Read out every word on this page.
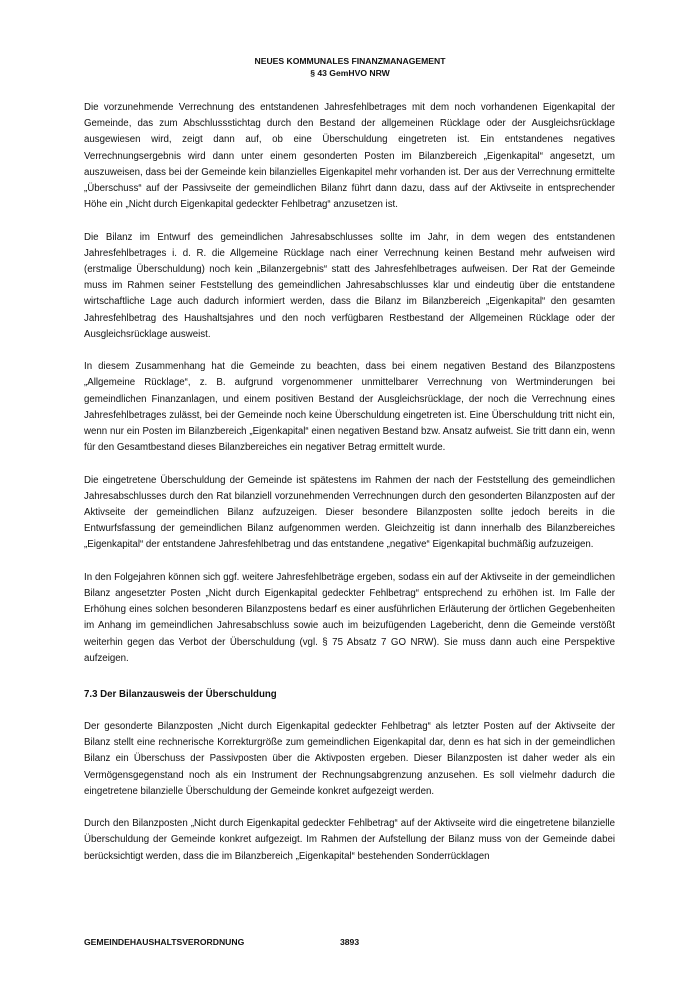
NEUES KOMMUNALES FINANZMANAGEMENT
§ 43 GemHVO NRW

Die vorzunehmende Verrechnung des entstandenen Jahresfehlbetrages mit dem noch vorhandenen Eigenkapital der Gemeinde, das zum Abschlussstichtag durch den Bestand der allgemeinen Rücklage oder der Ausgleichsrücklage ausgewiesen wird, zeigt dann auf, ob eine Überschuldung eingetreten ist. Ein entstandenes negatives Verrechnungsergebnis wird dann unter einem gesonderten Posten im Bilanzbereich „Eigenkapital“ angesetzt, um auszuweisen, dass bei der Gemeinde kein bilanzielles Eigenkapitel mehr vorhanden ist. Der aus der Verrechnung ermittelte „Überschuss“ auf der Passivseite der gemeindlichen Bilanz führt dann dazu, dass auf der Aktivseite in entsprechender Höhe ein „Nicht durch Eigenkapital gedeckter Fehlbetrag“ anzusetzen ist.

Die Bilanz im Entwurf des gemeindlichen Jahresabschlusses sollte im Jahr, in dem wegen des entstandenen Jahresfehlbetrages i. d. R. die Allgemeine Rücklage nach einer Verrechnung keinen Bestand mehr aufweisen wird (erstmalige Überschuldung) noch kein „Bilanzergebnis“ statt des Jahresfehlbetrages aufweisen. Der Rat der Gemeinde muss im Rahmen seiner Feststellung des gemeindlichen Jahresabschlusses klar und eindeutig über die entstandene wirtschaftliche Lage auch dadurch informiert werden, dass die Bilanz im Bilanzbereich „Eigenkapital“ den gesamten Jahresfehlbetrag des Haushaltsjahres und den noch verfügbaren Restbestand der Allgemeinen Rücklage oder der Ausgleichsrücklage ausweist.

In diesem Zusammenhang hat die Gemeinde zu beachten, dass bei einem negativen Bestand des Bilanzpostens „Allgemeine Rücklage“, z. B. aufgrund vorgenommener unmittelbarer Verrechnung von Wertminderungen bei gemeindlichen Finanzanlagen, und einem positiven Bestand der Ausgleichsrücklage, der noch die Verrechnung eines Jahresfehlbetrages zulässt, bei der Gemeinde noch keine Überschuldung eingetreten ist. Eine Überschuldung tritt nicht ein, wenn nur ein Posten im Bilanzbereich „Eigenkapital“ einen negativen Bestand bzw. Ansatz aufweist. Sie tritt dann ein, wenn für den Gesamtbestand dieses Bilanzbereiches ein negativer Betrag ermittelt wurde.

Die eingetretene Überschuldung der Gemeinde ist spätestens im Rahmen der nach der Feststellung des gemeindlichen Jahresabschlusses durch den Rat bilanziell vorzunehmenden Verrechnungen durch den gesonderten Bilanzposten auf der Aktivseite der gemeindlichen Bilanz aufzuzeigen. Dieser besondere Bilanzposten sollte jedoch bereits in die Entwurfsfassung der gemeindlichen Bilanz aufgenommen werden. Gleichzeitig ist dann innerhalb des Bilanzbereiches „Eigenkapital“ der entstandene Jahresfehlbetrag und das entstandene „negative“ Eigenkapital buchmäßig aufzuzeigen.

In den Folgejahren können sich ggf. weitere Jahresfehlbeträge ergeben, sodass ein auf der Aktivseite in der gemeindlichen Bilanz angesetzter Posten „Nicht durch Eigenkapital gedeckter Fehlbetrag“ entsprechend zu erhöhen ist. Im Falle der Erhöhung eines solchen besonderen Bilanzpostens bedarf es einer ausführlichen Erläuterung der örtlichen Gegebenheiten im Anhang im gemeindlichen Jahresabschluss sowie auch im beizufügenden Lagebericht, denn die Gemeinde verstößt weiterhin gegen das Verbot der Überschuldung (vgl. § 75 Absatz 7 GO NRW). Sie muss dann auch eine Perspektive aufzeigen.

7.3 Der Bilanzausweis der Überschuldung

Der gesonderte Bilanzposten „Nicht durch Eigenkapital gedeckter Fehlbetrag“ als letzter Posten auf der Aktivseite der Bilanz stellt eine rechnerische Korrekturgröße zum gemeindlichen Eigenkapital dar, denn es hat sich in der gemeindlichen Bilanz ein Überschuss der Passivposten über die Aktivposten ergeben. Dieser Bilanzposten ist daher weder als ein Vermögensgegenstand noch als ein Instrument der Rechnungsabgrenzung anzusehen. Es soll vielmehr dadurch die eingetretene bilanzielle Überschuldung der Gemeinde konkret aufgezeigt werden.

Durch den Bilanzposten „Nicht durch Eigenkapital gedeckter Fehlbetrag“ auf der Aktivseite wird die eingetretene bilanzielle Überschuldung der Gemeinde konkret aufgezeigt. Im Rahmen der Aufstellung der Bilanz muss von der Gemeinde dabei berücksichtigt werden, dass die im Bilanzbereich „Eigenkapital“ bestehenden Sonderrücklagen

GEMEINDEHAUSHALTSVERORDNUNG	3893
